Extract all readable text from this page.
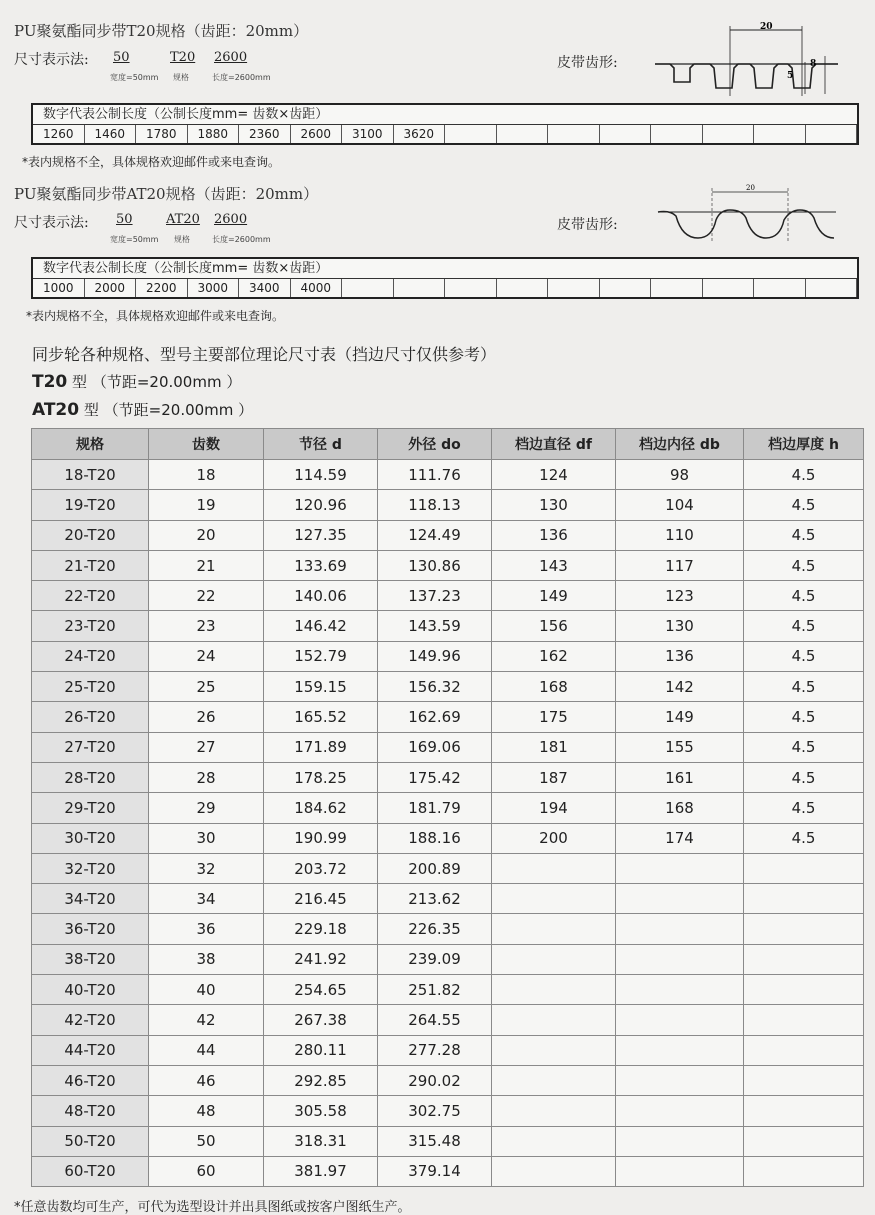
PU聚氨酯同步带T20规格（齿距：20mm）
尺寸表示法: 50
宽度=50mm
T20
规格
2600
长度=2600mm
皮带齿形:
20
8
5
数字代表公制长度（公制长度mm= 齿数×齿距）
1260	1460	1780	1880	2360	2600	3100	3620
*表内规格不全，具体规格欢迎邮件或来电查询。
PU聚氨酯同步带AT20规格（齿距：20mm）
尺寸表示法: 50
宽度=50mm
AT20
规格
2600
长度=2600mm
皮带齿形:
20
数字代表公制长度（公制长度mm= 齿数×齿距）
1000	2000	2200	3000	3400	4000
*表内规格不全，具体规格欢迎邮件或来电查询。
同步轮各种规格、型号主要部位理论尺寸表（挡边尺寸仅供参考）
T20 型 （节距=20.00mm ）
AT20 型 （节距=20.00mm ）
规格	齿数	节径 d	外径 do	档边直径 df	档边内径 db	档边厚度 h
18-T20	18	114.59	111.76	124	98	4.5
19-T20	19	120.96	118.13	130	104	4.5
20-T20	20	127.35	124.49	136	110	4.5
21-T20	21	133.69	130.86	143	117	4.5
22-T20	22	140.06	137.23	149	123	4.5
23-T20	23	146.42	143.59	156	130	4.5
24-T20	24	152.79	149.96	162	136	4.5
25-T20	25	159.15	156.32	168	142	4.5
26-T20	26	165.52	162.69	175	149	4.5
27-T20	27	171.89	169.06	181	155	4.5
28-T20	28	178.25	175.42	187	161	4.5
29-T20	29	184.62	181.79	194	168	4.5
30-T20	30	190.99	188.16	200	174	4.5
32-T20	32	203.72	200.89			
34-T20	34	216.45	213.62			
36-T20	36	229.18	226.35			
38-T20	38	241.92	239.09			
40-T20	40	254.65	251.82			
42-T20	42	267.38	264.55			
44-T20	44	280.11	277.28			
46-T20	46	292.85	290.02			
48-T20	48	305.58	302.75			
50-T20	50	318.31	315.48			
60-T20	60	381.97	379.14			
*任意齿数均可生产，可代为选型设计并出具图纸或按客户图纸生产。
